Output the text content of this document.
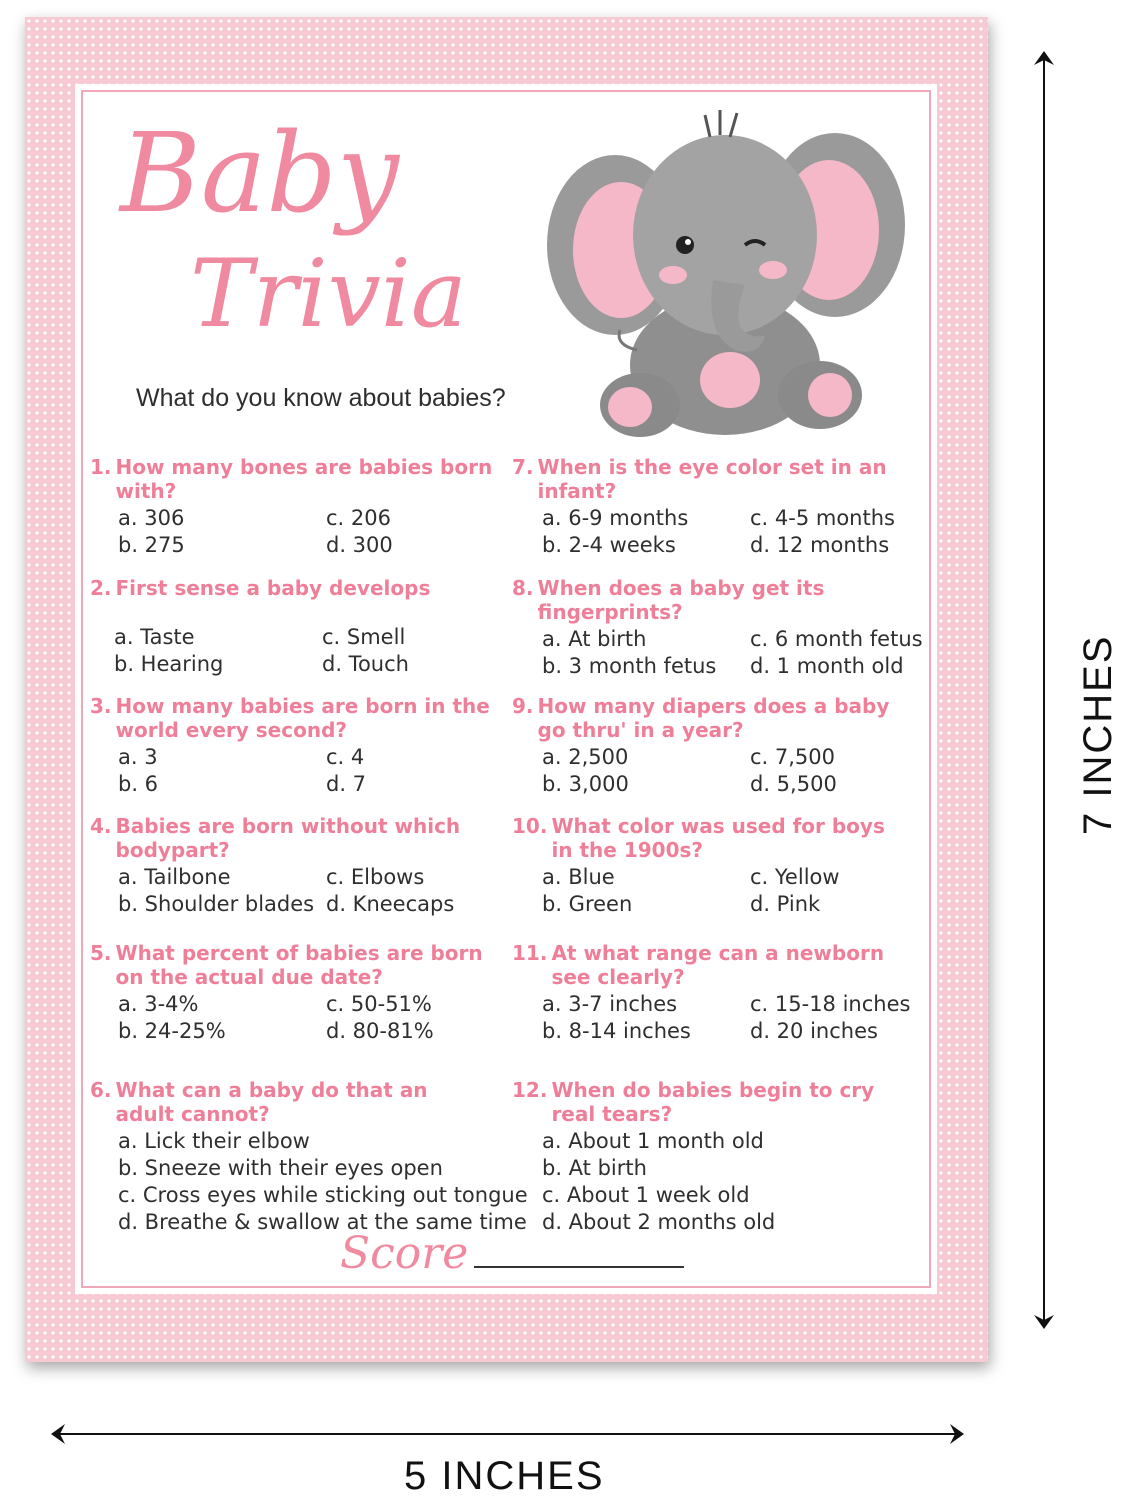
Baby
Trivia

What do you know about babies?

1. How many bones are babies born with?
a. 306	c. 206
b. 275	d. 300
2. First sense a baby develops
a. Taste	c. Smell
b. Hearing	d. Touch
3. How many babies are born in the world every second?
a. 3	c. 4
b. 6	d. 7
4. Babies are born without which bodypart?
a. Tailbone	c. Elbows
b. Shoulder blades d. Kneecaps
5. What percent of babies are born on the actual due date?
a. 3-4%	c. 50-51%
b. 24-25%	d. 80-81%
6. What can a baby do that an adult cannot?
a. Lick their elbow
b. Sneeze with their eyes open
c. Cross eyes while sticking out tongue
d. Breathe & swallow at the same time
7. When is the eye color set in an infant?
a. 6-9 months	c. 4-5 months
b. 2-4 weeks	d. 12 months
8. When does a baby get its fingerprints?
a. At birth	c. 6 month fetus
b. 3 month fetus	d. 1 month old
9. How many diapers does a baby go thru' in a year?
a. 2,500	c. 7,500
b. 3,000	d. 5,500
10. What color was used for boys in the 1900s?
a. Blue	c. Yellow
b. Green	d. Pink
11. At what range can a newborn see clearly?
a. 3-7 inches	c. 15-18 inches
b. 8-14 inches	d. 20 inches
12. When do babies begin to cry real tears?
a. About 1 month old
b. At birth
c. About 1 week old
d. About 2 months old
Score
7 INCHES

5 INCHES
